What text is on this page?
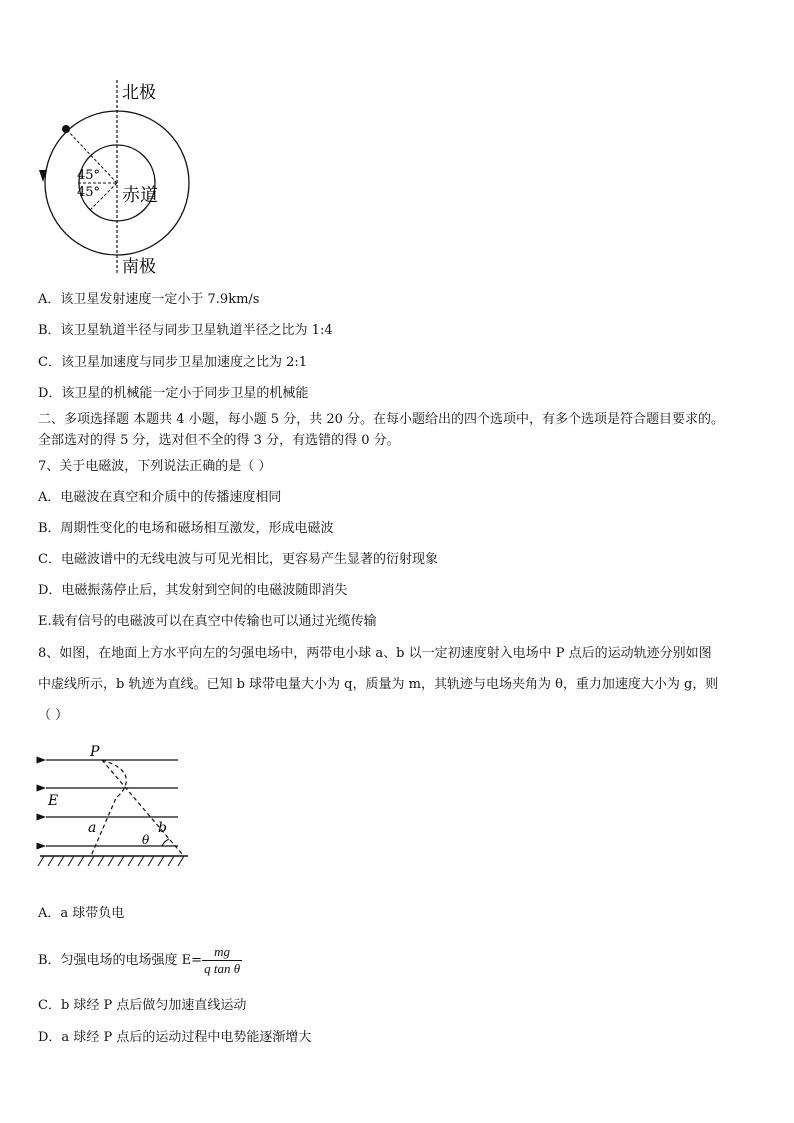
北极
南极
赤道
45°
45°
A．该卫星发射速度一定小于 7.9km/s
B．该卫星轨道半径与同步卫星轨道半径之比为 1:4
C．该卫星加速度与同步卫星加速度之比为 2:1
D．该卫星的机械能一定小于同步卫星的机械能
二、多项选择题 本题共 4 小题，每小题 5 分，共 20 分。在每小题给出的四个选项中，有多个选项是符合题目要求的。
全部选对的得 5 分，选对但不全的得 3 分，有选错的得 0 分。
7、关于电磁波，下列说法正确的是（ ）
A．电磁波在真空和介质中的传播速度相同
B．周期性变化的电场和磁场相互激发，形成电磁波
C．电磁波谱中的无线电波与可见光相比，更容易产生显著的衍射现象
D．电磁振荡停止后，其发射到空间的电磁波随即消失
E.载有信号的电磁波可以在真空中传输也可以通过光缆传输
8、如图，在地面上方水平向左的匀强电场中，两带电小球 a、b 以一定初速度射入电场中 P 点后的运动轨迹分别如图
中虚线所示，b 轨迹为直线。已知 b 球带电量大小为 q，质量为 m，其轨迹与电场夹角为 θ，重力加速度大小为 g，则
（ ）
P
E
a	b
θ
A．a 球带负电
B．匀强电场的电场强度 $E= \frac{mg}{\text{q tan θ}}$
C．b 球经 P 点后做匀加速直线运动
D．a 球经 P 点后的运动过程中电势能逐渐增大
